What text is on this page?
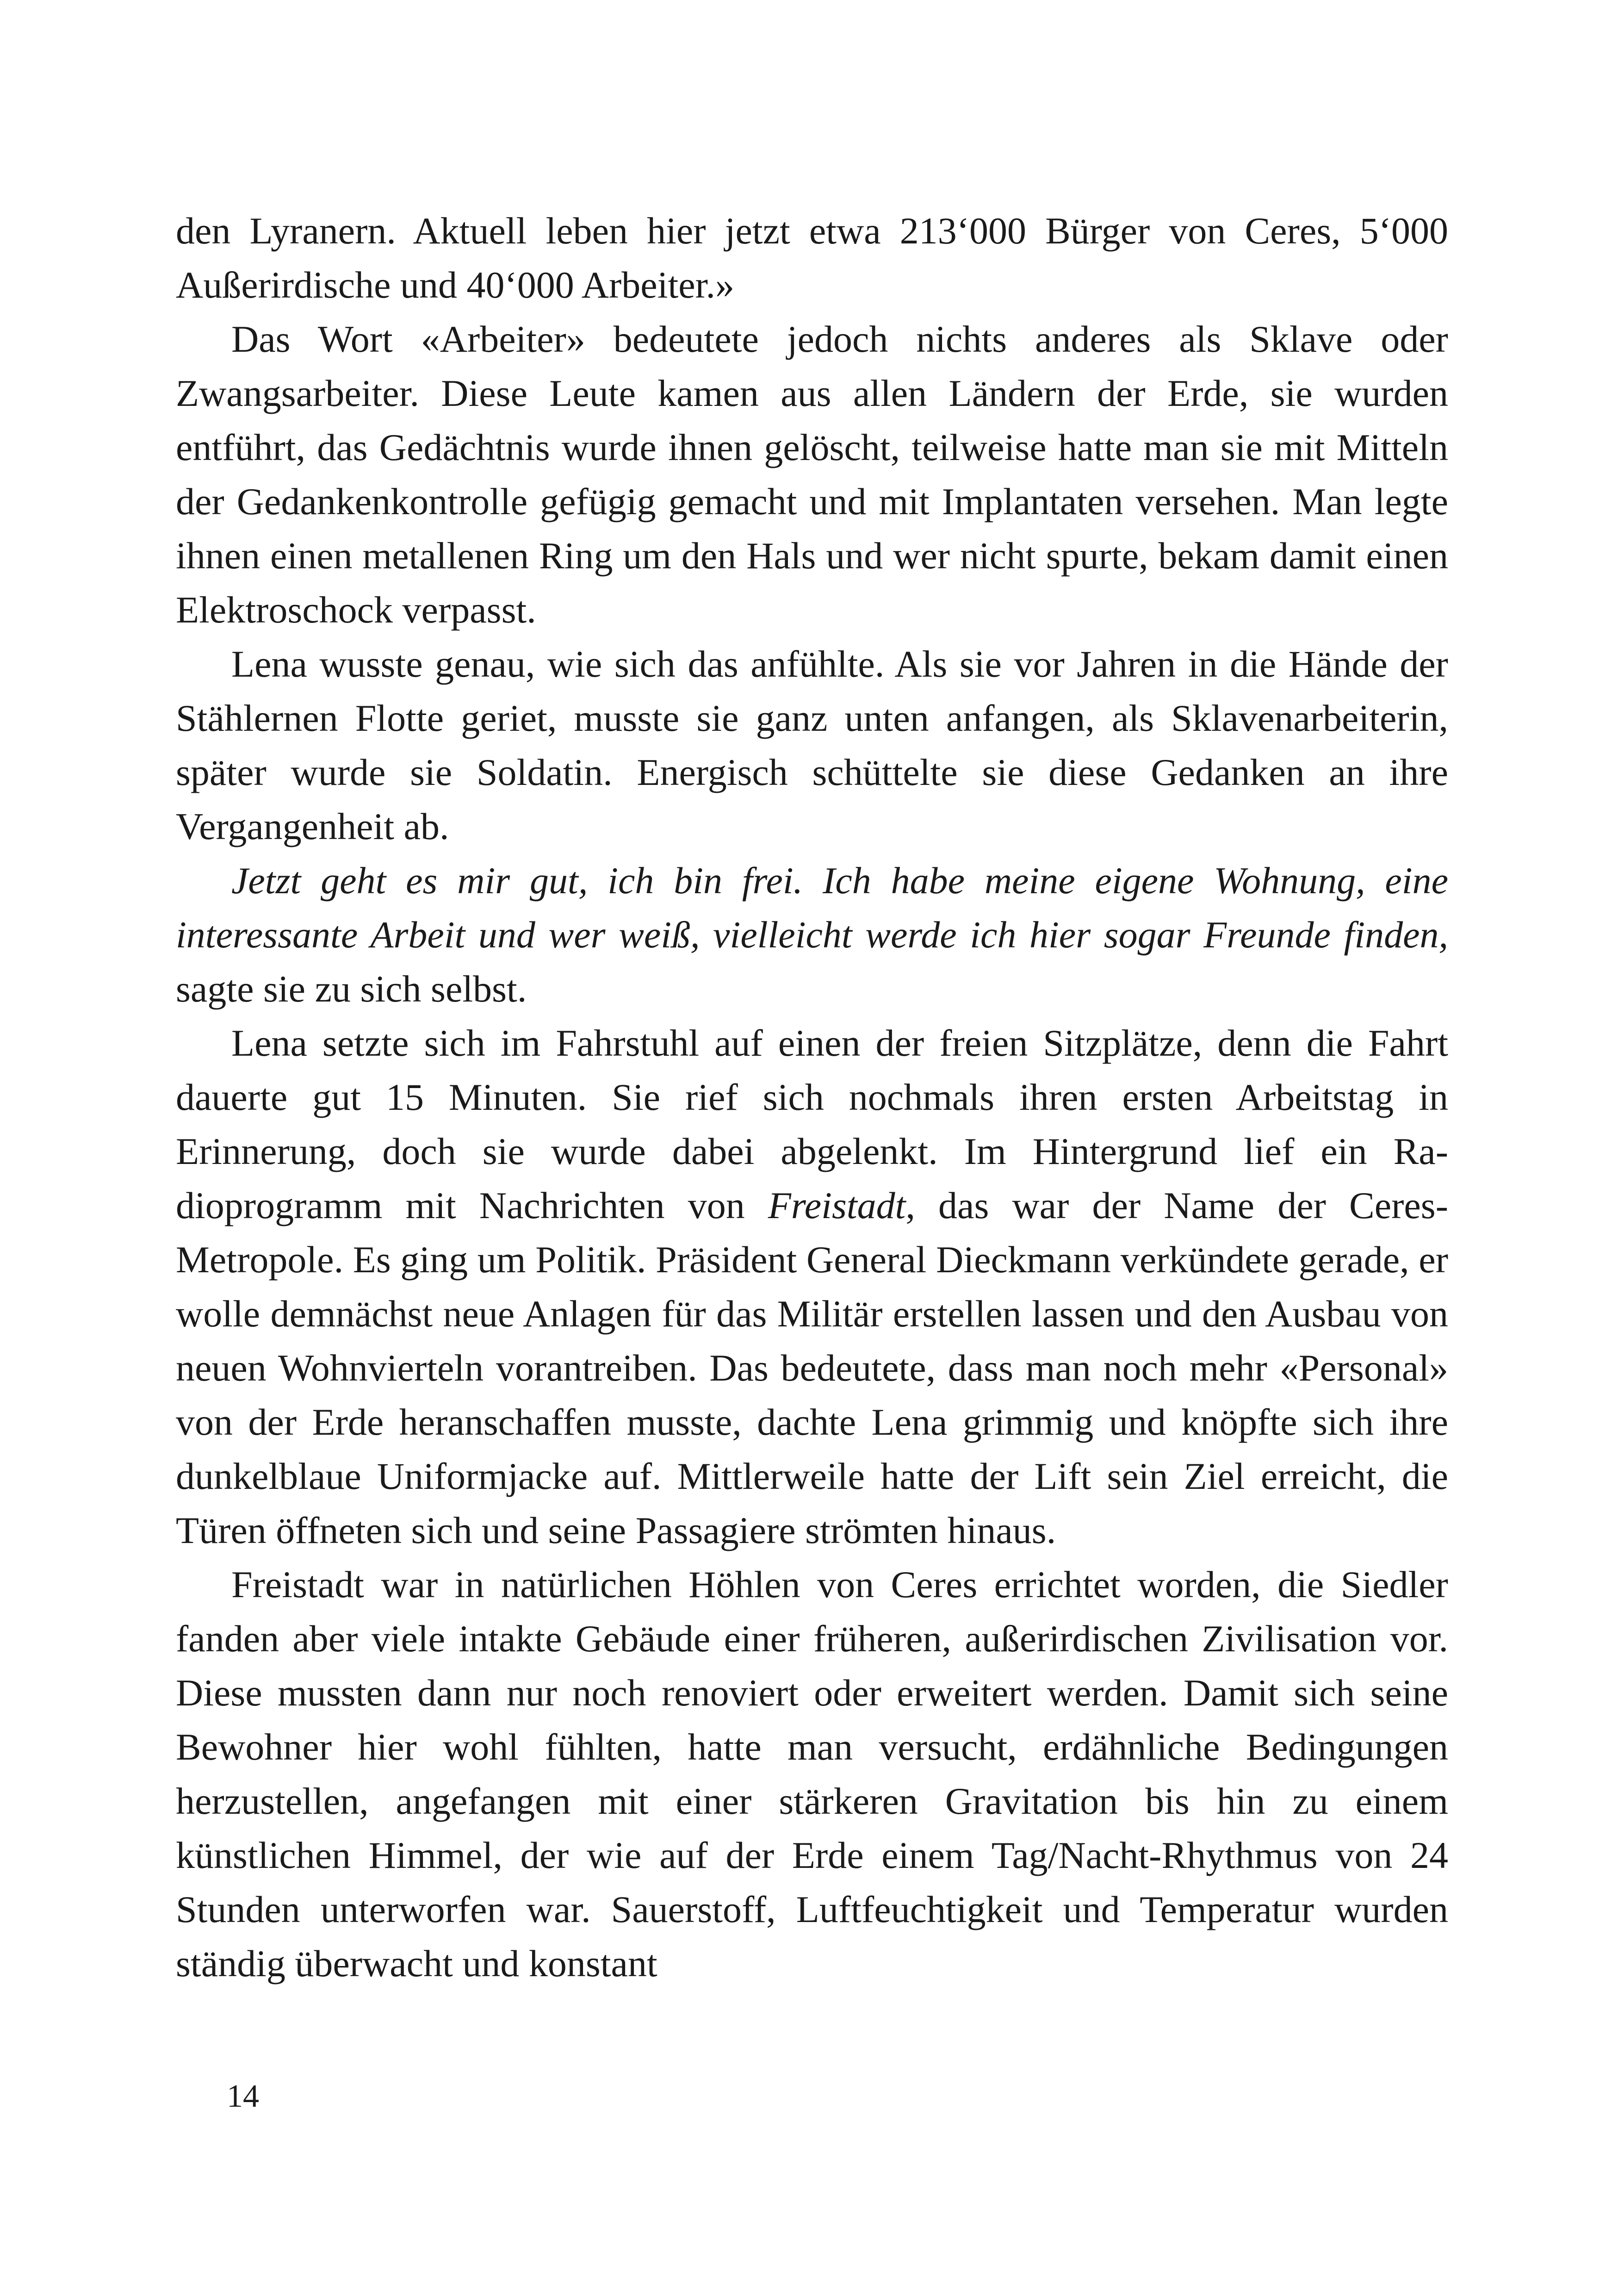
den Lyranern. Aktuell leben hier jetzt etwa 213‘000 Bürger von Ceres, 5‘000 Außerirdische und 40‘000 Arbeiter.»

Das Wort «Arbeiter» bedeutete jedoch nichts anderes als Sklave oder Zwangsarbeiter. Diese Leute kamen aus allen Ländern der Erde, sie wurden entführt, das Gedächtnis wurde ihnen gelöscht, teilweise hatte man sie mit Mitteln der Gedankenkontrolle gefügig gemacht und mit Implantaten versehen. Man legte ihnen einen metallenen Ring um den Hals und wer nicht spurte, bekam damit einen Elektroschock verpasst.

Lena wusste genau, wie sich das anfühlte. Als sie vor Jahren in die Hände der Stählernen Flotte geriet, musste sie ganz unten anfangen, als Sklavenarbeiterin, später wurde sie Soldatin. Energisch schüttelte sie diese Gedanken an ihre Vergangenheit ab.

Jetzt geht es mir gut, ich bin frei. Ich habe meine eigene Wohnung, eine interessante Arbeit und wer weiß, vielleicht werde ich hier sogar Freunde finden, sagte sie zu sich selbst.

Lena setzte sich im Fahrstuhl auf einen der freien Sitzplätze, denn die Fahrt dauerte gut 15 Minuten. Sie rief sich nochmals ihren ersten Arbeitstag in Erinnerung, doch sie wurde dabei abgelenkt. Im Hintergrund lief ein Radioprogramm mit Nachrichten von Freistadt, das war der Name der Ceres-Metropole. Es ging um Politik. Präsident General Dieckmann verkündete gerade, er wolle demnächst neue Anlagen für das Militär erstellen lassen und den Ausbau von neuen Wohnvierteln vorantreiben. Das bedeutete, dass man noch mehr «Personal» von der Erde heranschaffen musste, dachte Lena grimmig und knöpfte sich ihre dunkelblaue Uniformjacke auf. Mittlerweile hatte der Lift sein Ziel erreicht, die Türen öffneten sich und seine Passagiere strömten hinaus.

Freistadt war in natürlichen Höhlen von Ceres errichtet worden, die Siedler fanden aber viele intakte Gebäude einer früheren, außerirdischen Zivilisation vor. Diese mussten dann nur noch renoviert oder erweitert werden. Damit sich seine Bewohner hier wohl fühlten, hatte man versucht, erdähnliche Bedingungen herzustellen, angefangen mit einer stärkeren Gravitation bis hin zu einem künstlichen Himmel, der wie auf der Erde einem Tag/Nacht-Rhythmus von 24 Stunden unterworfen war. Sauerstoff, Luftfeuchtigkeit und Temperatur wurden ständig überwacht und konstant

14
